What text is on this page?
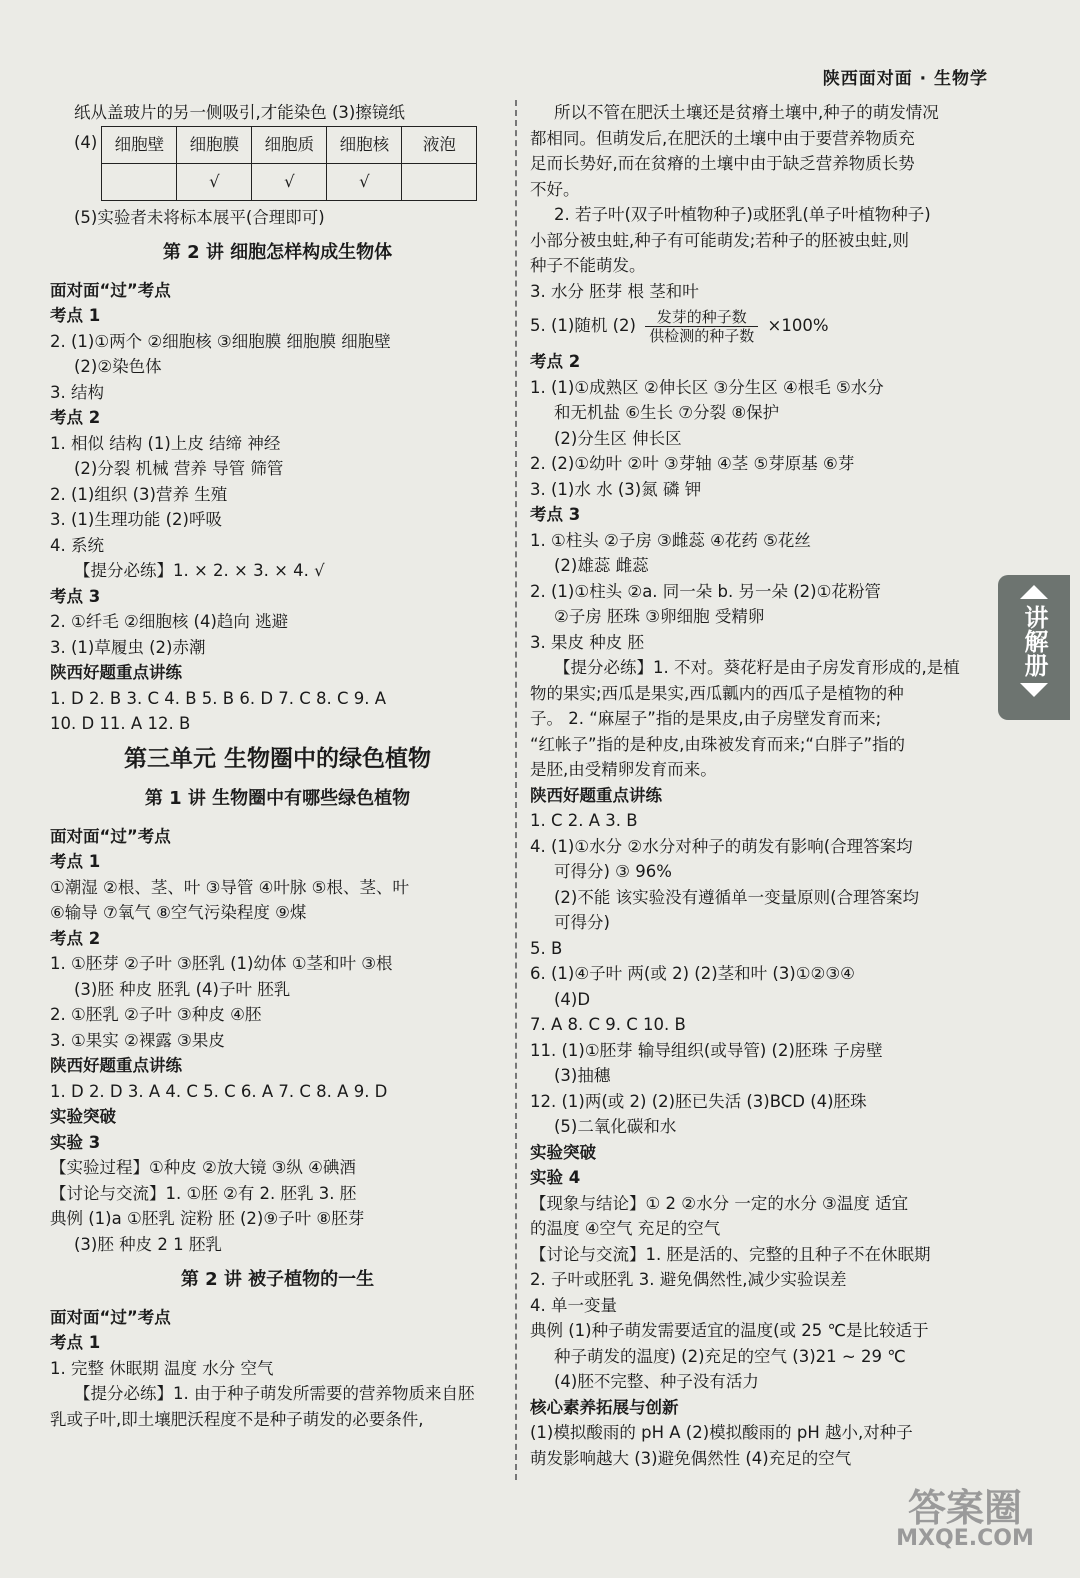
陕西面对面 · 生物学
纸从盖玻片的另一侧吸引,才能染色 (3)擦镜纸
(4) 细胞壁	细胞膜	细胞质	细胞核	液泡
	√	√	√	
(5)实验者未将标本展平(合理即可)
第 2 讲 细胞怎样构成生物体
面对面“过”考点
考点 1
2. (1)①两个 ②细胞核 ③细胞膜 细胞膜 细胞壁
(2)②染色体
3. 结构
考点 2
1. 相似 结构 (1)上皮 结缔 神经
(2)分裂 机械 营养 导管 筛管
2. (1)组织 (3)营养 生殖
3. (1)生理功能 (2)呼吸
4. 系统
【提分必练】1. × 2. × 3. × 4. √
考点 3
2. ①纤毛 ②细胞核 (4)趋向 逃避
3. (1)草履虫 (2)赤潮
陕西好题重点讲练
1. D 2. B 3. C 4. B 5. B 6. D 7. C 8. C 9. A
10. D 11. A 12. B
第三单元 生物圈中的绿色植物
第 1 讲 生物圈中有哪些绿色植物
面对面“过”考点
考点 1
①潮湿 ②根、茎、叶 ③导管 ④叶脉 ⑤根、茎、叶
⑥输导 ⑦氧气 ⑧空气污染程度 ⑨煤
考点 2
1. ①胚芽 ②子叶 ③胚乳 (1)幼体 ①茎和叶 ③根
(3)胚 种皮 胚乳 (4)子叶 胚乳
2. ①胚乳 ②子叶 ③种皮 ④胚
3. ①果实 ②裸露 ③果皮
陕西好题重点讲练
1. D 2. D 3. A 4. C 5. C 6. A 7. C 8. A 9. D
实验突破
实验 3
【实验过程】①种皮 ②放大镜 ③纵 ④碘酒
【讨论与交流】1. ①胚 ②有 2. 胚乳 3. 胚
典例 (1)a ①胚乳 淀粉 胚 (2)⑨子叶 ⑧胚芽
(3)胚 种皮 2 1 胚乳
第 2 讲 被子植物的一生
面对面“过”考点
考点 1
1. 完整 休眠期 温度 水分 空气
【提分必练】1. 由于种子萌发所需要的营养物质来自胚
乳或子叶,即土壤肥沃程度不是种子萌发的必要条件,
所以不管在肥沃土壤还是贫瘠土壤中,种子的萌发情况
都相同。但萌发后,在肥沃的土壤中由于要营养物质充
足而长势好,而在贫瘠的土壤中由于缺乏营养物质长势
不好。
2. 若子叶(双子叶植物种子)或胚乳(单子叶植物种子)
小部分被虫蛀,种子有可能萌发;若种子的胚被虫蛀,则
种子不能萌发。
3. 水分 胚芽 根 茎和叶
5. (1)随机 $(2) \frac{\text{发芽的种子数}}{\text{供检测的种子数}} \times 100\%$
考点 2
1. (1)①成熟区 ②伸长区 ③分生区 ④根毛 ⑤水分
和无机盐 ⑥生长 ⑦分裂 ⑧保护
(2)分生区 伸长区
2. (2)①幼叶 ②叶 ③芽轴 ④茎 ⑤芽原基 ⑥芽
3. (1)水 水 (3)氮 磷 钾
考点 3
1. ①柱头 ②子房 ③雌蕊 ④花药 ⑤花丝
(2)雄蕊 雌蕊
2. (1)①柱头 ②a. 同一朵 b. 另一朵 (2)①花粉管
②子房 胚珠 ③卵细胞 受精卵
3. 果皮 种皮 胚
【提分必练】1. 不对。葵花籽是由子房发育形成的,是植
物的果实;西瓜是果实,西瓜瓤内的西瓜子是植物的种
子。 2. “麻屋子”指的是果皮,由子房壁发育而来;
“红帐子”指的是种皮,由珠被发育而来;“白胖子”指的
是胚,由受精卵发育而来。
陕西好题重点讲练
1. C 2. A 3. B
4. (1)①水分 ②水分对种子的萌发有影响(合理答案均
可得分) ③ 96%
(2)不能 该实验没有遵循单一变量原则(合理答案均
可得分)
5. B
6. (1)④子叶 两(或 2) (2)茎和叶 (3)①②③④
(4)D
7. A 8. C 9. C 10. B
11. (1)①胚芽 输导组织(或导管) (2)胚珠 子房壁
(3)抽穗
12. (1)两(或 2) (2)胚已失活 (3)BCD (4)胚珠
(5)二氧化碳和水
实验突破
实验 4
【现象与结论】① 2 ②水分 一定的水分 ③温度 适宜
的温度 ④空气 充足的空气
【讨论与交流】1. 胚是活的、完整的且种子不在休眠期
2. 子叶或胚乳 3. 避免偶然性,减少实验误差
4. 单一变量
典例 (1)种子萌发需要适宜的温度(或 25 ℃是比较适于
种子萌发的温度) (2)充足的空气 (3)21 ~ 29 ℃
(4)胚不完整、种子没有活力
核心素养拓展与创新
(1)模拟酸雨的 pH A (2)模拟酸雨的 pH 越小,对种子
萌发影响越大 (3)避免偶然性 (4)充足的空气
讲解册
答案圈
MXQE.COM
